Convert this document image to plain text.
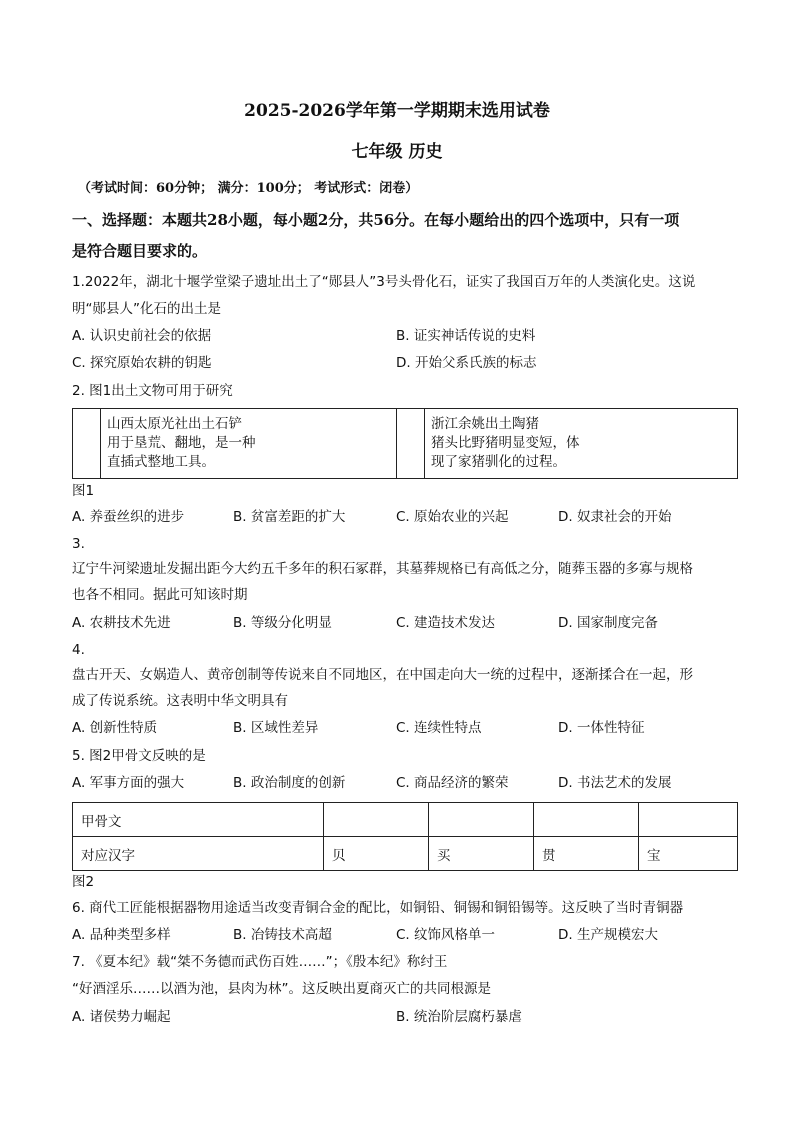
2025-2026学年第一学期期末选用试卷
七年级 历史
（考试时间：60分钟； 满分：100分； 考试形式：闭卷）
一、选择题：本题共28小题，每小题2分，共56分。在每小题给出的四个选项中，只有一项
是符合题目要求的。
1.2022年，湖北十堰学堂梁子遗址出土了“郧县人”3号头骨化石，证实了我国百万年的人类演化史。这说
明“郧县人”化石的出土是
A. 认识史前社会的依据	B. 证实神话传说的史料
C. 探究原始农耕的钥匙	D. 开始父系氏族的标志
2. 图1出土文物可用于研究

山西太原光社出土石铲
用于垦荒、翻地，是一种
直插式整地工具。

浙江余姚出土陶猪
猪头比野猪明显变短，体
现了家猪驯化的过程。
图1
A. 养蚕丝织的进步	B. 贫富差距的扩大	C. 原始农业的兴起	D. 奴隶社会的开始
3.
辽宁牛河梁遗址发掘出距今大约五千多年的积石冢群，其墓葬规格已有高低之分，随葬玉器的多寡与规格
也各不相同。据此可知该时期
A. 农耕技术先进	B. 等级分化明显	C. 建造技术发达	D. 国家制度完备
4.
盘古开天、女娲造人、黄帝创制等传说来自不同地区，在中国走向大一统的过程中，逐渐揉合在一起，形
成了传说系统。这表明中华文明具有
A. 创新性特质	B. 区域性差异	C. 连续性特点	D. 一体性特征
5. 图2甲骨文反映的是
A. 军事方面的强大	B. 政治制度的创新	C. 商品经济的繁荣	D. 书法艺术的发展
甲骨文				
对应汉字	贝	买	贯	宝
图2
6. 商代工匠能根据器物用途适当改变青铜合金的配比，如铜铅、铜锡和铜铅锡等。这反映了当时青铜器
A. 品种类型多样	B. 冶铸技术高超	C. 纹饰风格单一	D. 生产规模宏大
7. 《夏本纪》载“桀不务德而武伤百姓……”；《殷本纪》称纣王
“好酒淫乐……以酒为池，县肉为林”。这反映出夏商灭亡的共同根源是
A. 诸侯势力崛起	B. 统治阶层腐朽暴虐
